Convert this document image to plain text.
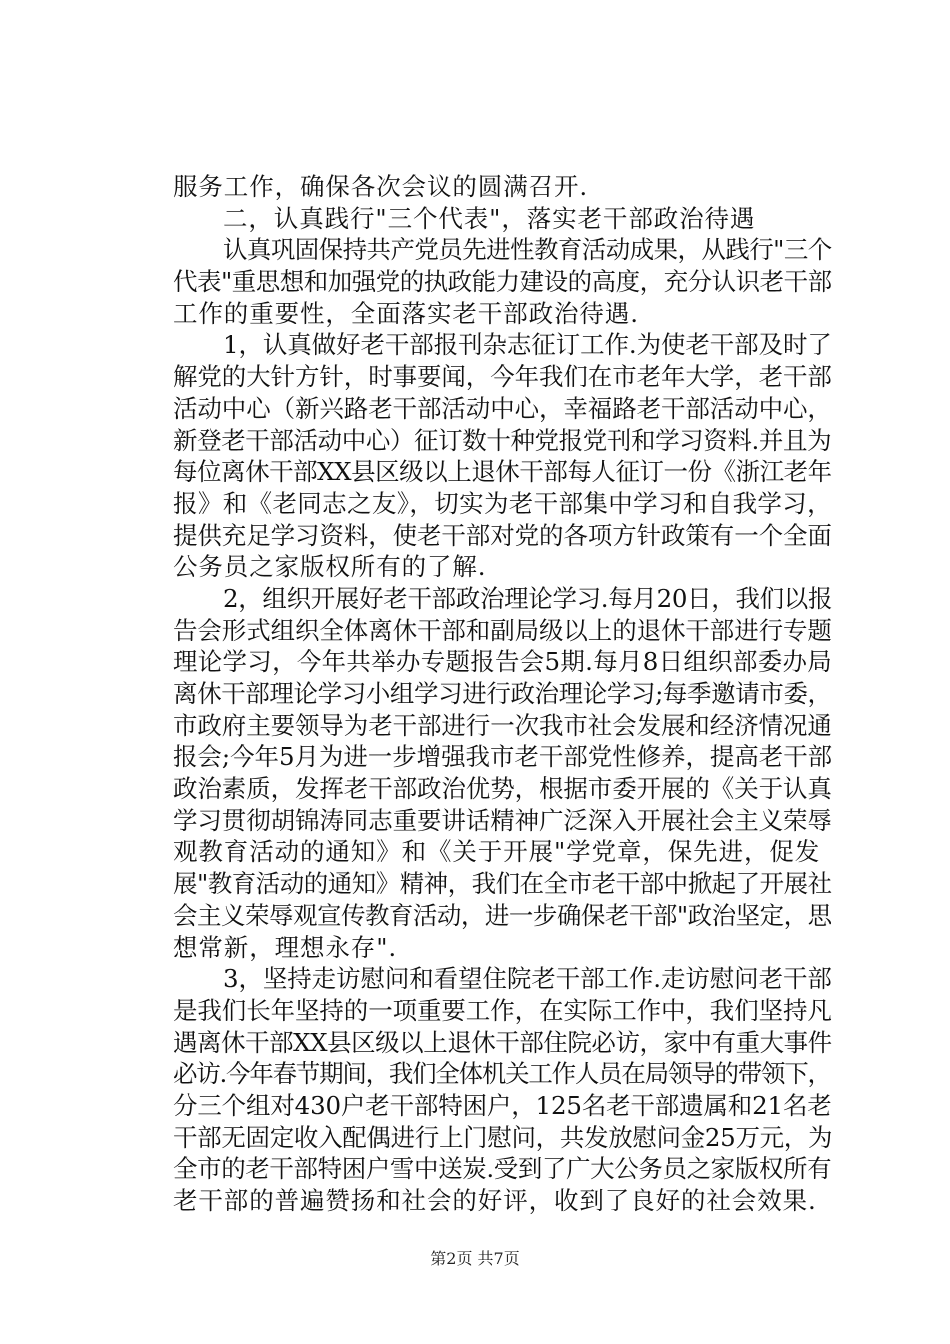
服务工作，确保各次会议的圆满召开.
二，认真践行"三个代表"，落实老干部政治待遇
认真巩固保持共产党员先进性教育活动成果，从践行"三个
代表"重思想和加强党的执政能力建设的高度，充分认识老干部
工作的重要性，全面落实老干部政治待遇.
1，认真做好老干部报刊杂志征订工作.为使老干部及时了
解党的大针方针，时事要闻，今年我们在市老年大学，老干部
活动中心（新兴路老干部活动中心，幸福路老干部活动中心，
新登老干部活动中心）征订数十种党报党刊和学习资料.并且为
每位离休干部XX县区级以上退休干部每人征订一份《浙江老年
报》和《老同志之友》，切实为老干部集中学习和自我学习，
提供充足学习资料，使老干部对党的各项方针政策有一个全面
公务员之家版权所有的了解.
2，组织开展好老干部政治理论学习.每月20日，我们以报
告会形式组织全体离休干部和副局级以上的退休干部进行专题
理论学习，今年共举办专题报告会5期.每月8日组织部委办局
离休干部理论学习小组学习进行政治理论学习;每季邀请市委，
市政府主要领导为老干部进行一次我市社会发展和经济情况通
报会;今年5月为进一步增强我市老干部党性修养，提高老干部
政治素质，发挥老干部政治优势，根据市委开展的《关于认真
学习贯彻胡锦涛同志重要讲话精神广泛深入开展社会主义荣辱
观教育活动的通知》和《关于开展"学党章，保先进，促发
展"教育活动的通知》精神，我们在全市老干部中掀起了开展社
会主义荣辱观宣传教育活动，进一步确保老干部"政治坚定，思
想常新，理想永存".
3，坚持走访慰问和看望住院老干部工作.走访慰问老干部
是我们长年坚持的一项重要工作，在实际工作中，我们坚持凡
遇离休干部XX县区级以上退休干部住院必访，家中有重大事件
必访.今年春节期间，我们全体机关工作人员在局领导的带领下，
分三个组对430户老干部特困户，125名老干部遗属和21名老
干部无固定收入配偶进行上门慰问，共发放慰问金25万元，为
全市的老干部特困户雪中送炭.受到了广大公务员之家版权所有
老干部的普遍赞扬和社会的好评，收到了良好的社会效果.
第2页 共7页
